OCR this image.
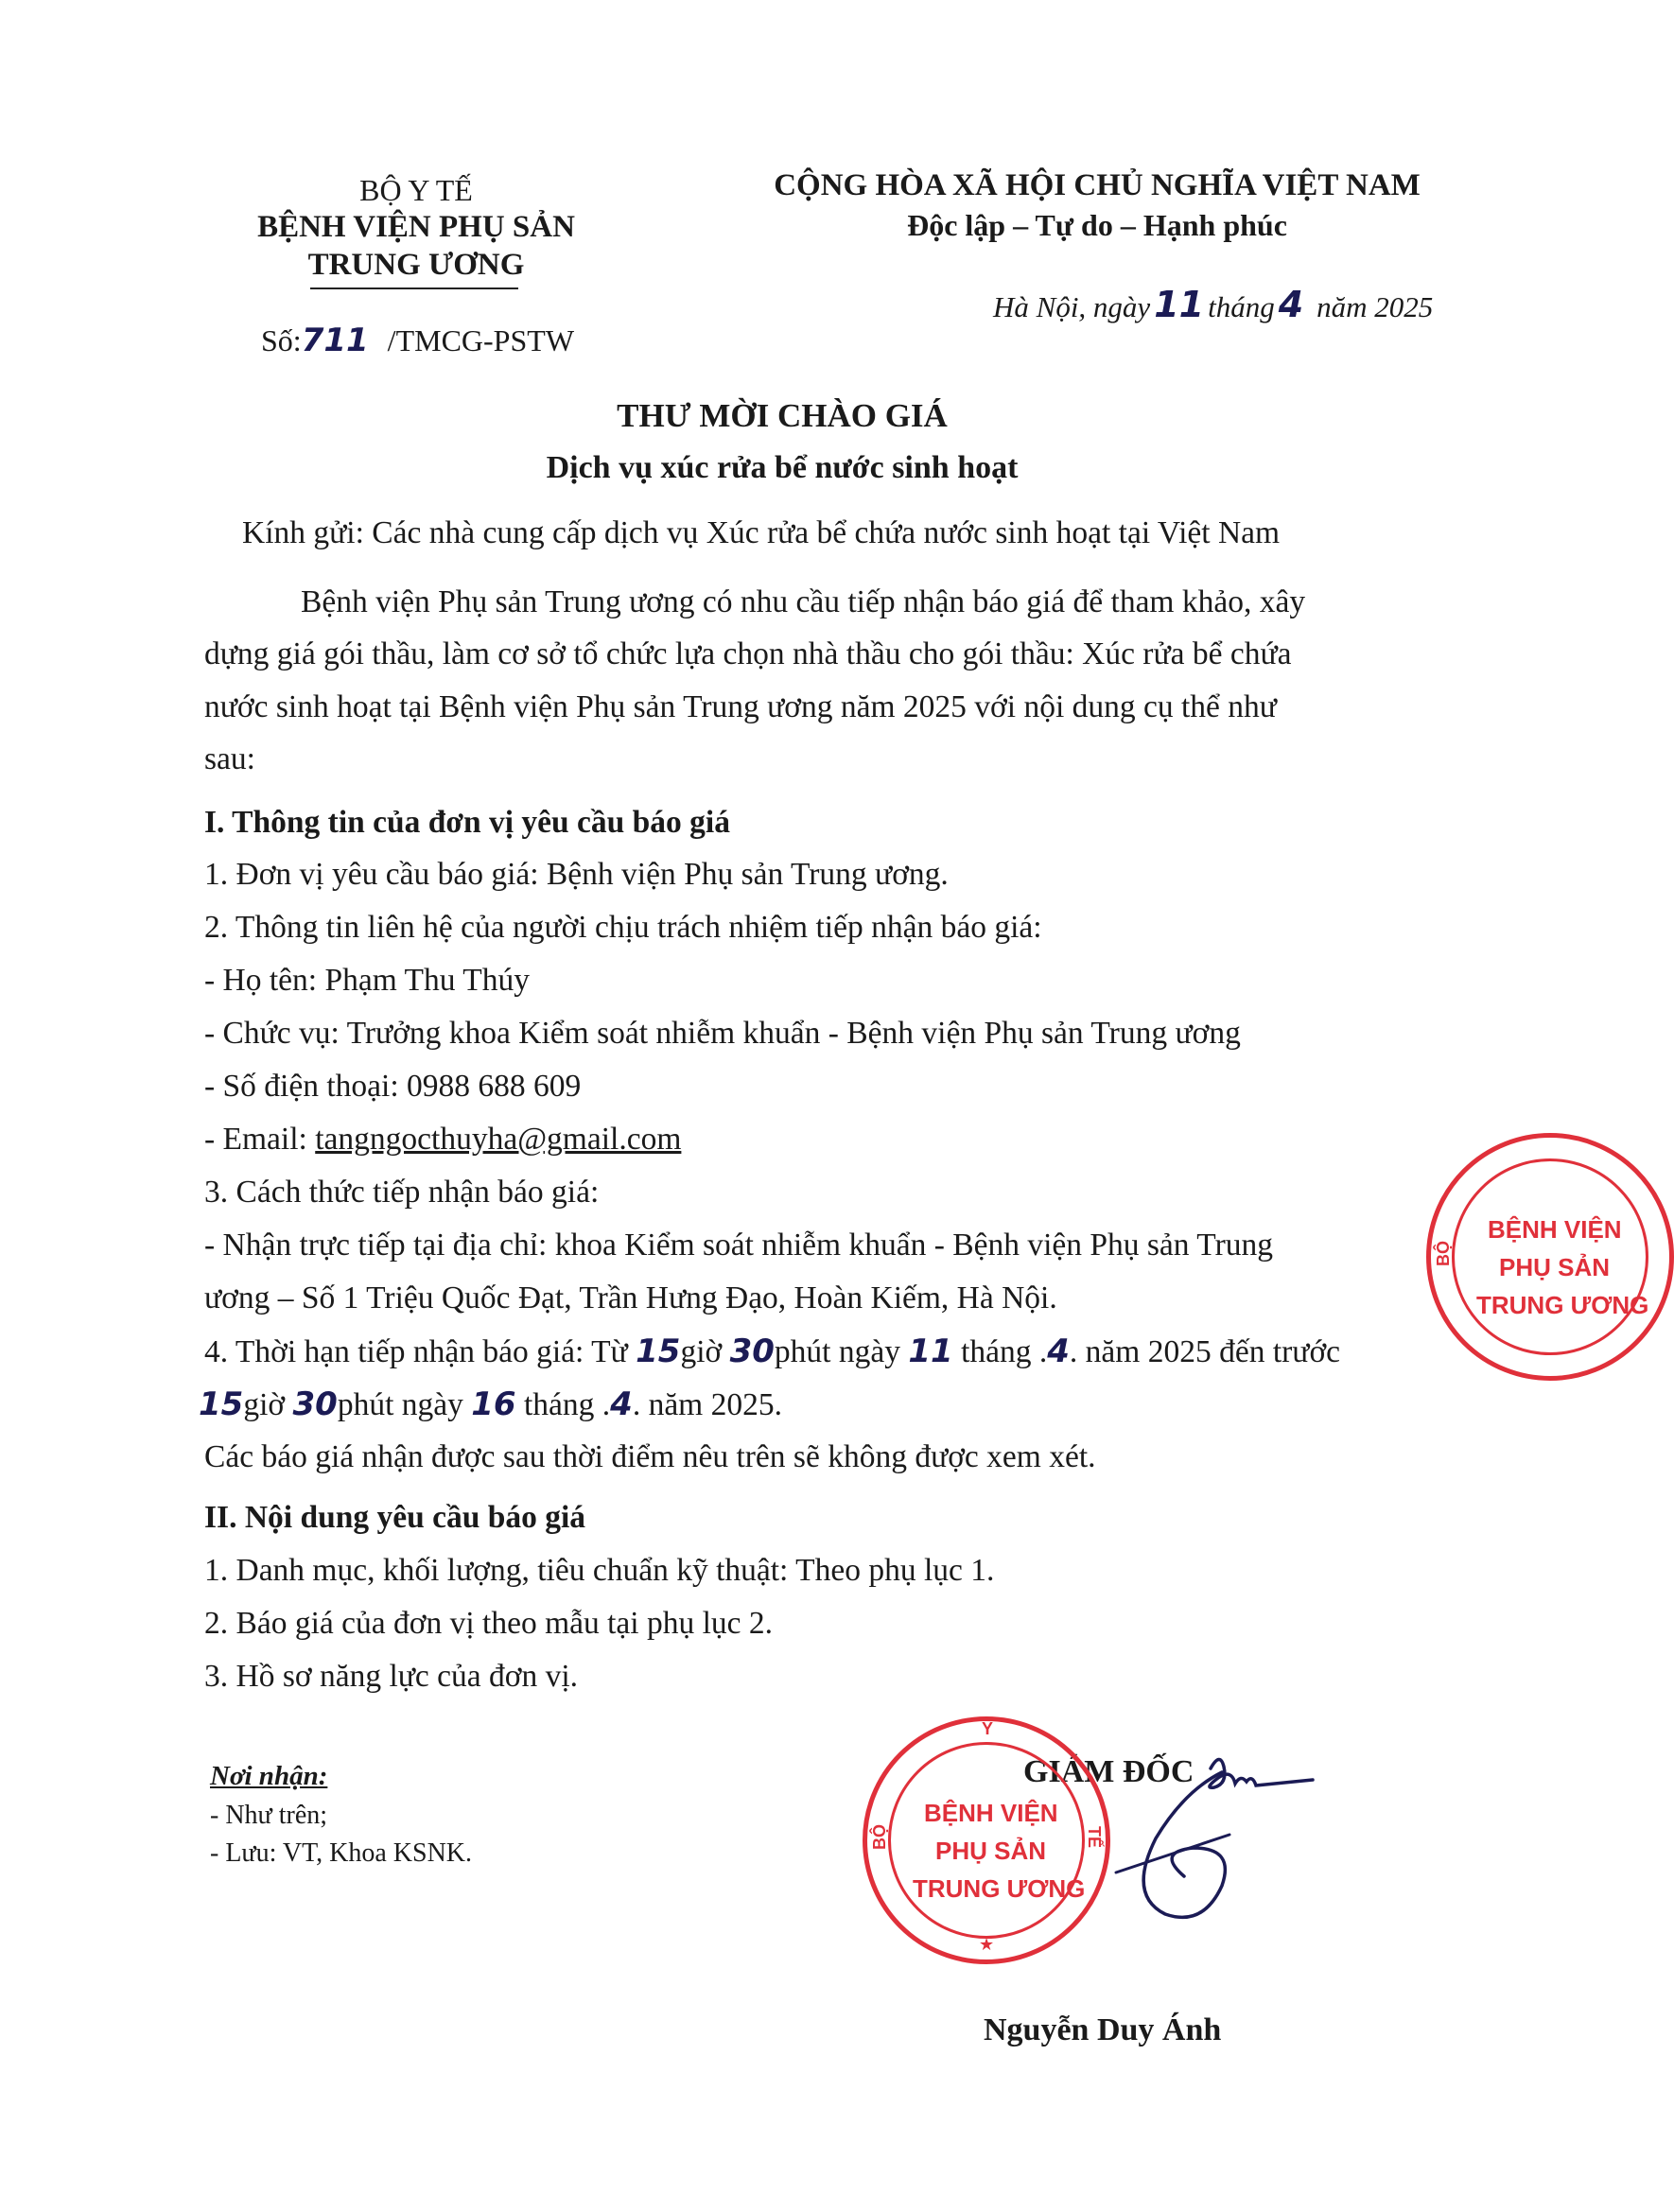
BỘ Y TẾ
BỆNH VIỆN PHỤ SẢN
TRUNG ƯƠNG
Số:711 /TMCG-PSTW
CỘNG HÒA XÃ HỘI CHỦ NGHĨA VIỆT NAM
Độc lập – Tự do – Hạnh phúc
Hà Nội, ngày 11 tháng 4 năm 2025
THƯ MỜI CHÀO GIÁ
Dịch vụ xúc rửa bể nước sinh hoạt
Kính gửi: Các nhà cung cấp dịch vụ Xúc rửa bể chứa nước sinh hoạt tại Việt Nam
Bệnh viện Phụ sản Trung ương có nhu cầu tiếp nhận báo giá để tham khảo, xây
dựng giá gói thầu, làm cơ sở tổ chức lựa chọn nhà thầu cho gói thầu: Xúc rửa bể chứa
nước sinh hoạt tại Bệnh viện Phụ sản Trung ương năm 2025 với nội dung cụ thể như
sau:
I. Thông tin của đơn vị yêu cầu báo giá
1. Đơn vị yêu cầu báo giá: Bệnh viện Phụ sản Trung ương.
2. Thông tin liên hệ của người chịu trách nhiệm tiếp nhận báo giá:
- Họ tên: Phạm Thu Thúy
- Chức vụ: Trưởng khoa Kiểm soát nhiễm khuẩn - Bệnh viện Phụ sản Trung ương
- Số điện thoại: 0988 688 609
- Email: tangngocthuyha@gmail.com
3. Cách thức tiếp nhận báo giá:
- Nhận trực tiếp tại địa chỉ: khoa Kiểm soát nhiễm khuẩn - Bệnh viện Phụ sản Trung
ương – Số 1 Triệu Quốc Đạt, Trần Hưng Đạo, Hoàn Kiếm, Hà Nội.
4. Thời hạn tiếp nhận báo giá: Từ 15giờ 30phút ngày 11 tháng .4. năm 2025 đến trước
15giờ 30phút ngày 16 tháng .4. năm 2025.
Các báo giá nhận được sau thời điểm nêu trên sẽ không được xem xét.
II. Nội dung yêu cầu báo giá
1. Danh mục, khối lượng, tiêu chuẩn kỹ thuật: Theo phụ lục 1.
2. Báo giá của đơn vị theo mẫu tại phụ lục 2.
3. Hồ sơ năng lực của đơn vị.
Nơi nhận:
- Như trên;
- Lưu: VT, Khoa KSNK.
GIÁM ĐỐC
Y
BỘ	TẾ
BỆNH VIỆN
PHỤ SẢN
TRUNG ƯƠNG
★
BỘ
BỆNH VIỆN
PHỤ SẢN
TRUNG ƯƠNG
Nguyễn Duy Ánh
